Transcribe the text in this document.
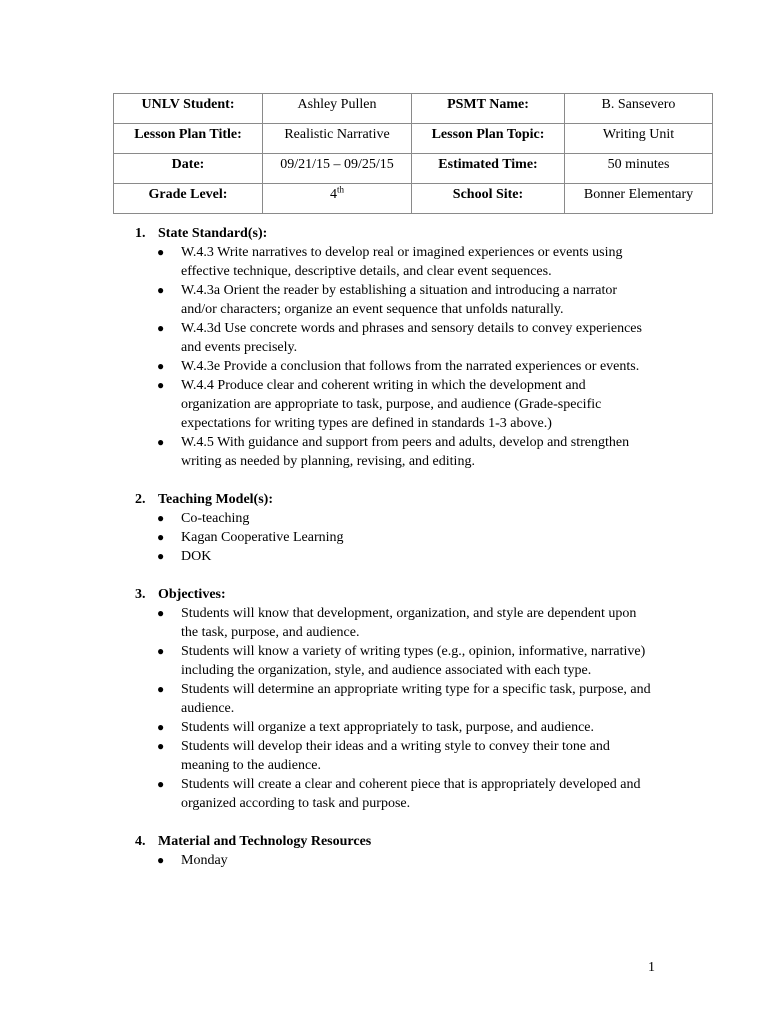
UNLV Student:	Ashley Pullen	PSMT Name:	B. Sansevero
Lesson Plan Title:	Realistic Narrative	Lesson Plan Topic:	Writing Unit
Date:	09/21/15 – 09/25/15	Estimated Time:	50 minutes
Grade Level:	4th	School Site:	Bonner Elementary
1. State Standard(s):
● W.4.3 Write narratives to develop real or imagined experiences or events using effective technique, descriptive details, and clear event sequences.
● W.4.3a Orient the reader by establishing a situation and introducing a narrator and/or characters; organize an event sequence that unfolds naturally.
● W.4.3d Use concrete words and phrases and sensory details to convey experiences and events precisely.
● W.4.3e Provide a conclusion that follows from the narrated experiences or events.
● W.4.4 Produce clear and coherent writing in which the development and organization are appropriate to task, purpose, and audience (Grade-specific expectations for writing types are defined in standards 1-3 above.)
● W.4.5 With guidance and support from peers and adults, develop and strengthen writing as needed by planning, revising, and editing.
2. Teaching Model(s):
● Co-teaching
● Kagan Cooperative Learning
● DOK
3. Objectives:
● Students will know that development, organization, and style are dependent upon the task, purpose, and audience.
● Students will know a variety of writing types (e.g., opinion, informative, narrative) including the organization, style, and audience associated with each type.
● Students will determine an appropriate writing type for a specific task, purpose, and audience.
● Students will organize a text appropriately to task, purpose, and audience.
● Students will develop their ideas and a writing style to convey their tone and meaning to the audience.
● Students will create a clear and coherent piece that is appropriately developed and organized according to task and purpose.
4. Material and Technology Resources
● Monday
1
